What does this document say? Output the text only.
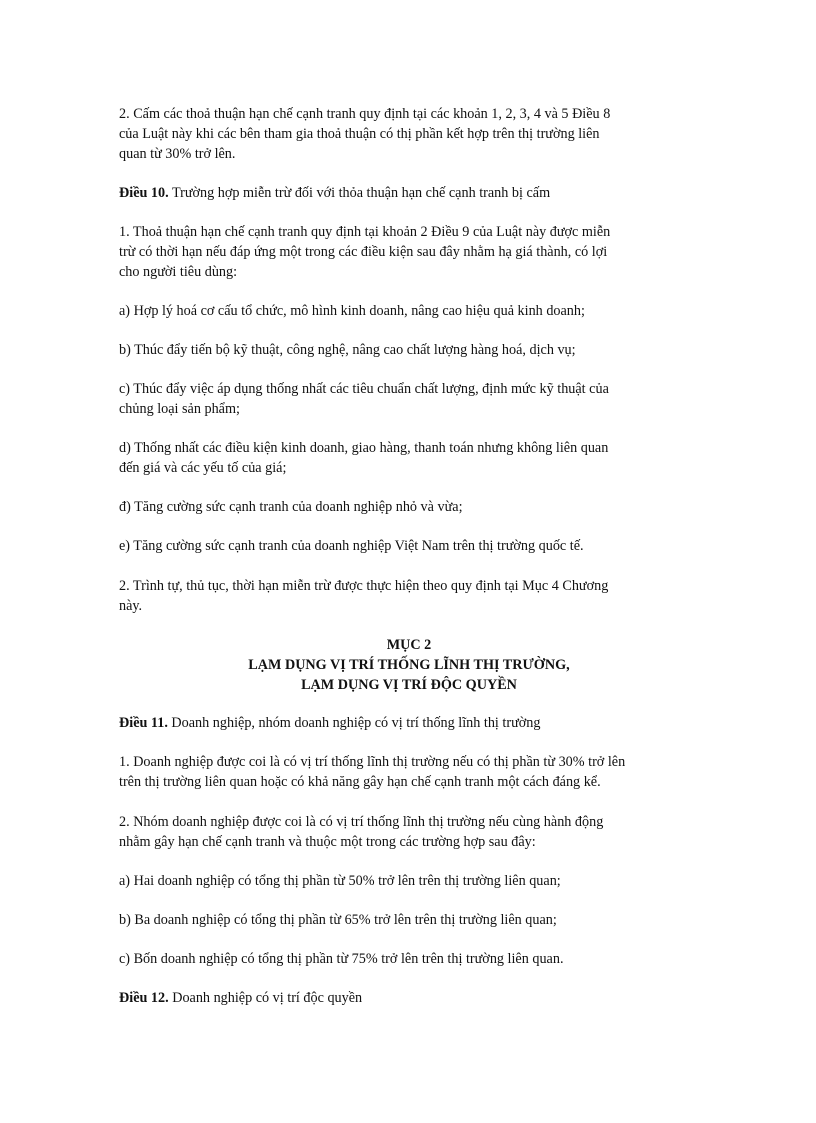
2. Cấm các thoả thuận hạn chế cạnh tranh quy định tại các khoản 1, 2, 3, 4 và 5 Điều 8
của Luật này khi các bên tham gia thoả thuận có thị phần kết hợp trên thị trường liên
quan từ 30% trở lên.

Điều 10. Trường hợp miễn trừ đối với thỏa thuận hạn chế cạnh tranh bị cấm

1. Thoả thuận hạn chế cạnh tranh quy định tại khoản 2 Điều 9 của Luật này được miễn
trừ có thời hạn nếu đáp ứng một trong các điều kiện sau đây nhằm hạ giá thành, có lợi
cho người tiêu dùng:

a) Hợp lý hoá cơ cấu tổ chức, mô hình kinh doanh, nâng cao hiệu quả kinh doanh;

b) Thúc đẩy tiến bộ kỹ thuật, công nghệ, nâng cao chất lượng hàng hoá, dịch vụ;

c) Thúc đẩy việc áp dụng thống nhất các tiêu chuẩn chất lượng, định mức kỹ thuật của
chủng loại sản phẩm;

d) Thống nhất các điều kiện kinh doanh, giao hàng, thanh toán nhưng không liên quan
đến giá và các yếu tố của giá;

đ) Tăng cường sức cạnh tranh của doanh nghiệp nhỏ và vừa;

e) Tăng cường sức cạnh tranh của doanh nghiệp Việt Nam trên thị trường quốc tế.

2. Trình tự, thủ tục, thời hạn miễn trừ được thực hiện theo quy định tại Mục 4 Chương
này.

MỤC 2
LẠM DỤNG VỊ TRÍ THỐNG LĨNH THỊ TRƯỜNG,
LẠM DỤNG VỊ TRÍ ĐỘC QUYỀN

Điều 11. Doanh nghiệp, nhóm doanh nghiệp có vị trí thống lĩnh thị trường

1. Doanh nghiệp được coi là có vị trí thống lĩnh thị trường nếu có thị phần từ 30% trở lên
trên thị trường liên quan hoặc có khả năng gây hạn chế cạnh tranh một cách đáng kể.

2. Nhóm doanh nghiệp được coi là có vị trí thống lĩnh thị trường nếu cùng hành động
nhằm gây hạn chế cạnh tranh và thuộc một trong các trường hợp sau đây:

a) Hai doanh nghiệp có tổng thị phần từ 50% trở lên trên thị trường liên quan;

b) Ba doanh nghiệp có tổng thị phần từ 65% trở lên trên thị trường liên quan;

c) Bốn doanh nghiệp có tổng thị phần từ 75% trở lên trên thị trường liên quan.

Điều 12. Doanh nghiệp có vị trí độc quyền
